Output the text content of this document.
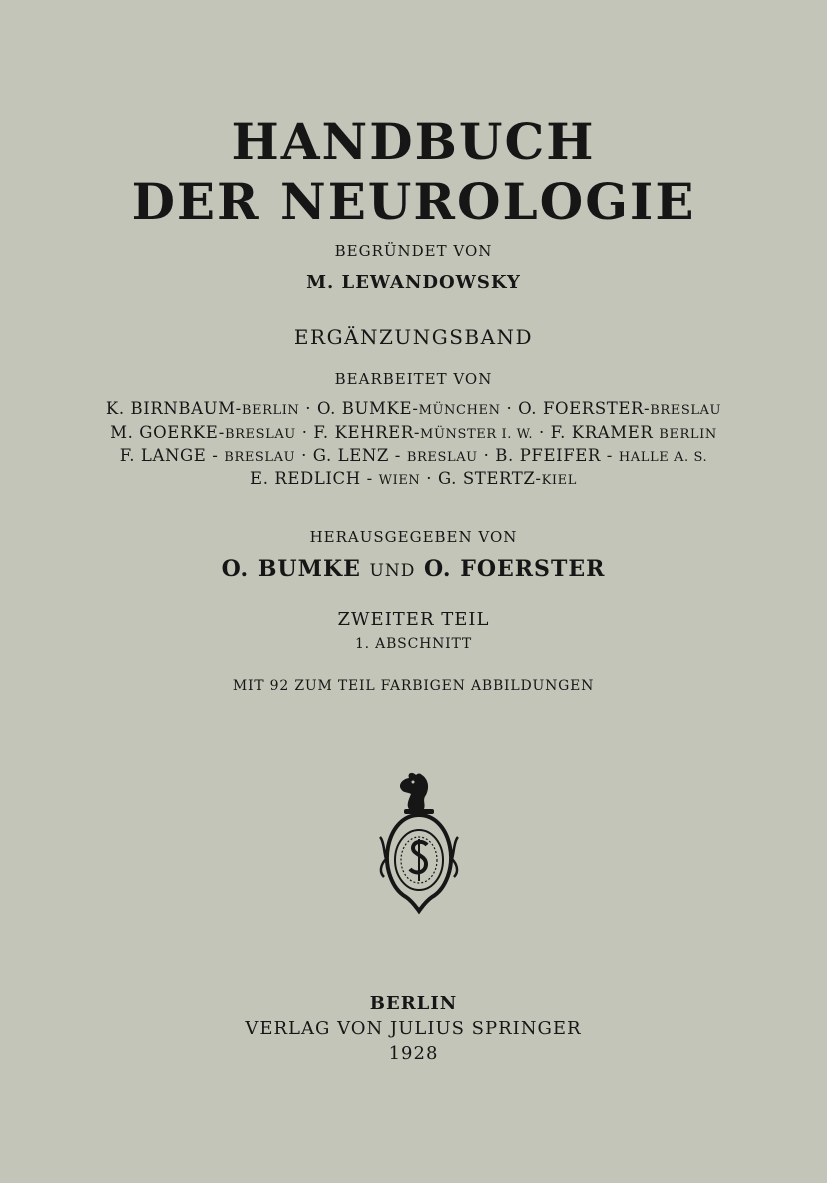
HANDBUCH
DER NEUROLOGIE
BEGRÜNDET VON
M. LEWANDOWSKY
ERGÄNZUNGSBAND
BEARBEITET VON
K. BIRNBAUM-BERLIN · O. BUMKE-MÜNCHEN · O. FOERSTER-BRESLAU
M. GOERKE-BRESLAU · F. KEHRER-MÜNSTER I. W. · F. KRAMER BERLIN
F. LANGE - BRESLAU · G. LENZ - BRESLAU · B. PFEIFER - HALLE A. S.
E. REDLICH - WIEN · G. STERTZ-KIEL
HERAUSGEGEBEN VON
O. BUMKE UND O. FOERSTER
ZWEITER TEIL
1. ABSCHNITT
MIT 92 ZUM TEIL FARBIGEN ABBILDUNGEN
BERLIN
VERLAG VON JULIUS SPRINGER
1928
